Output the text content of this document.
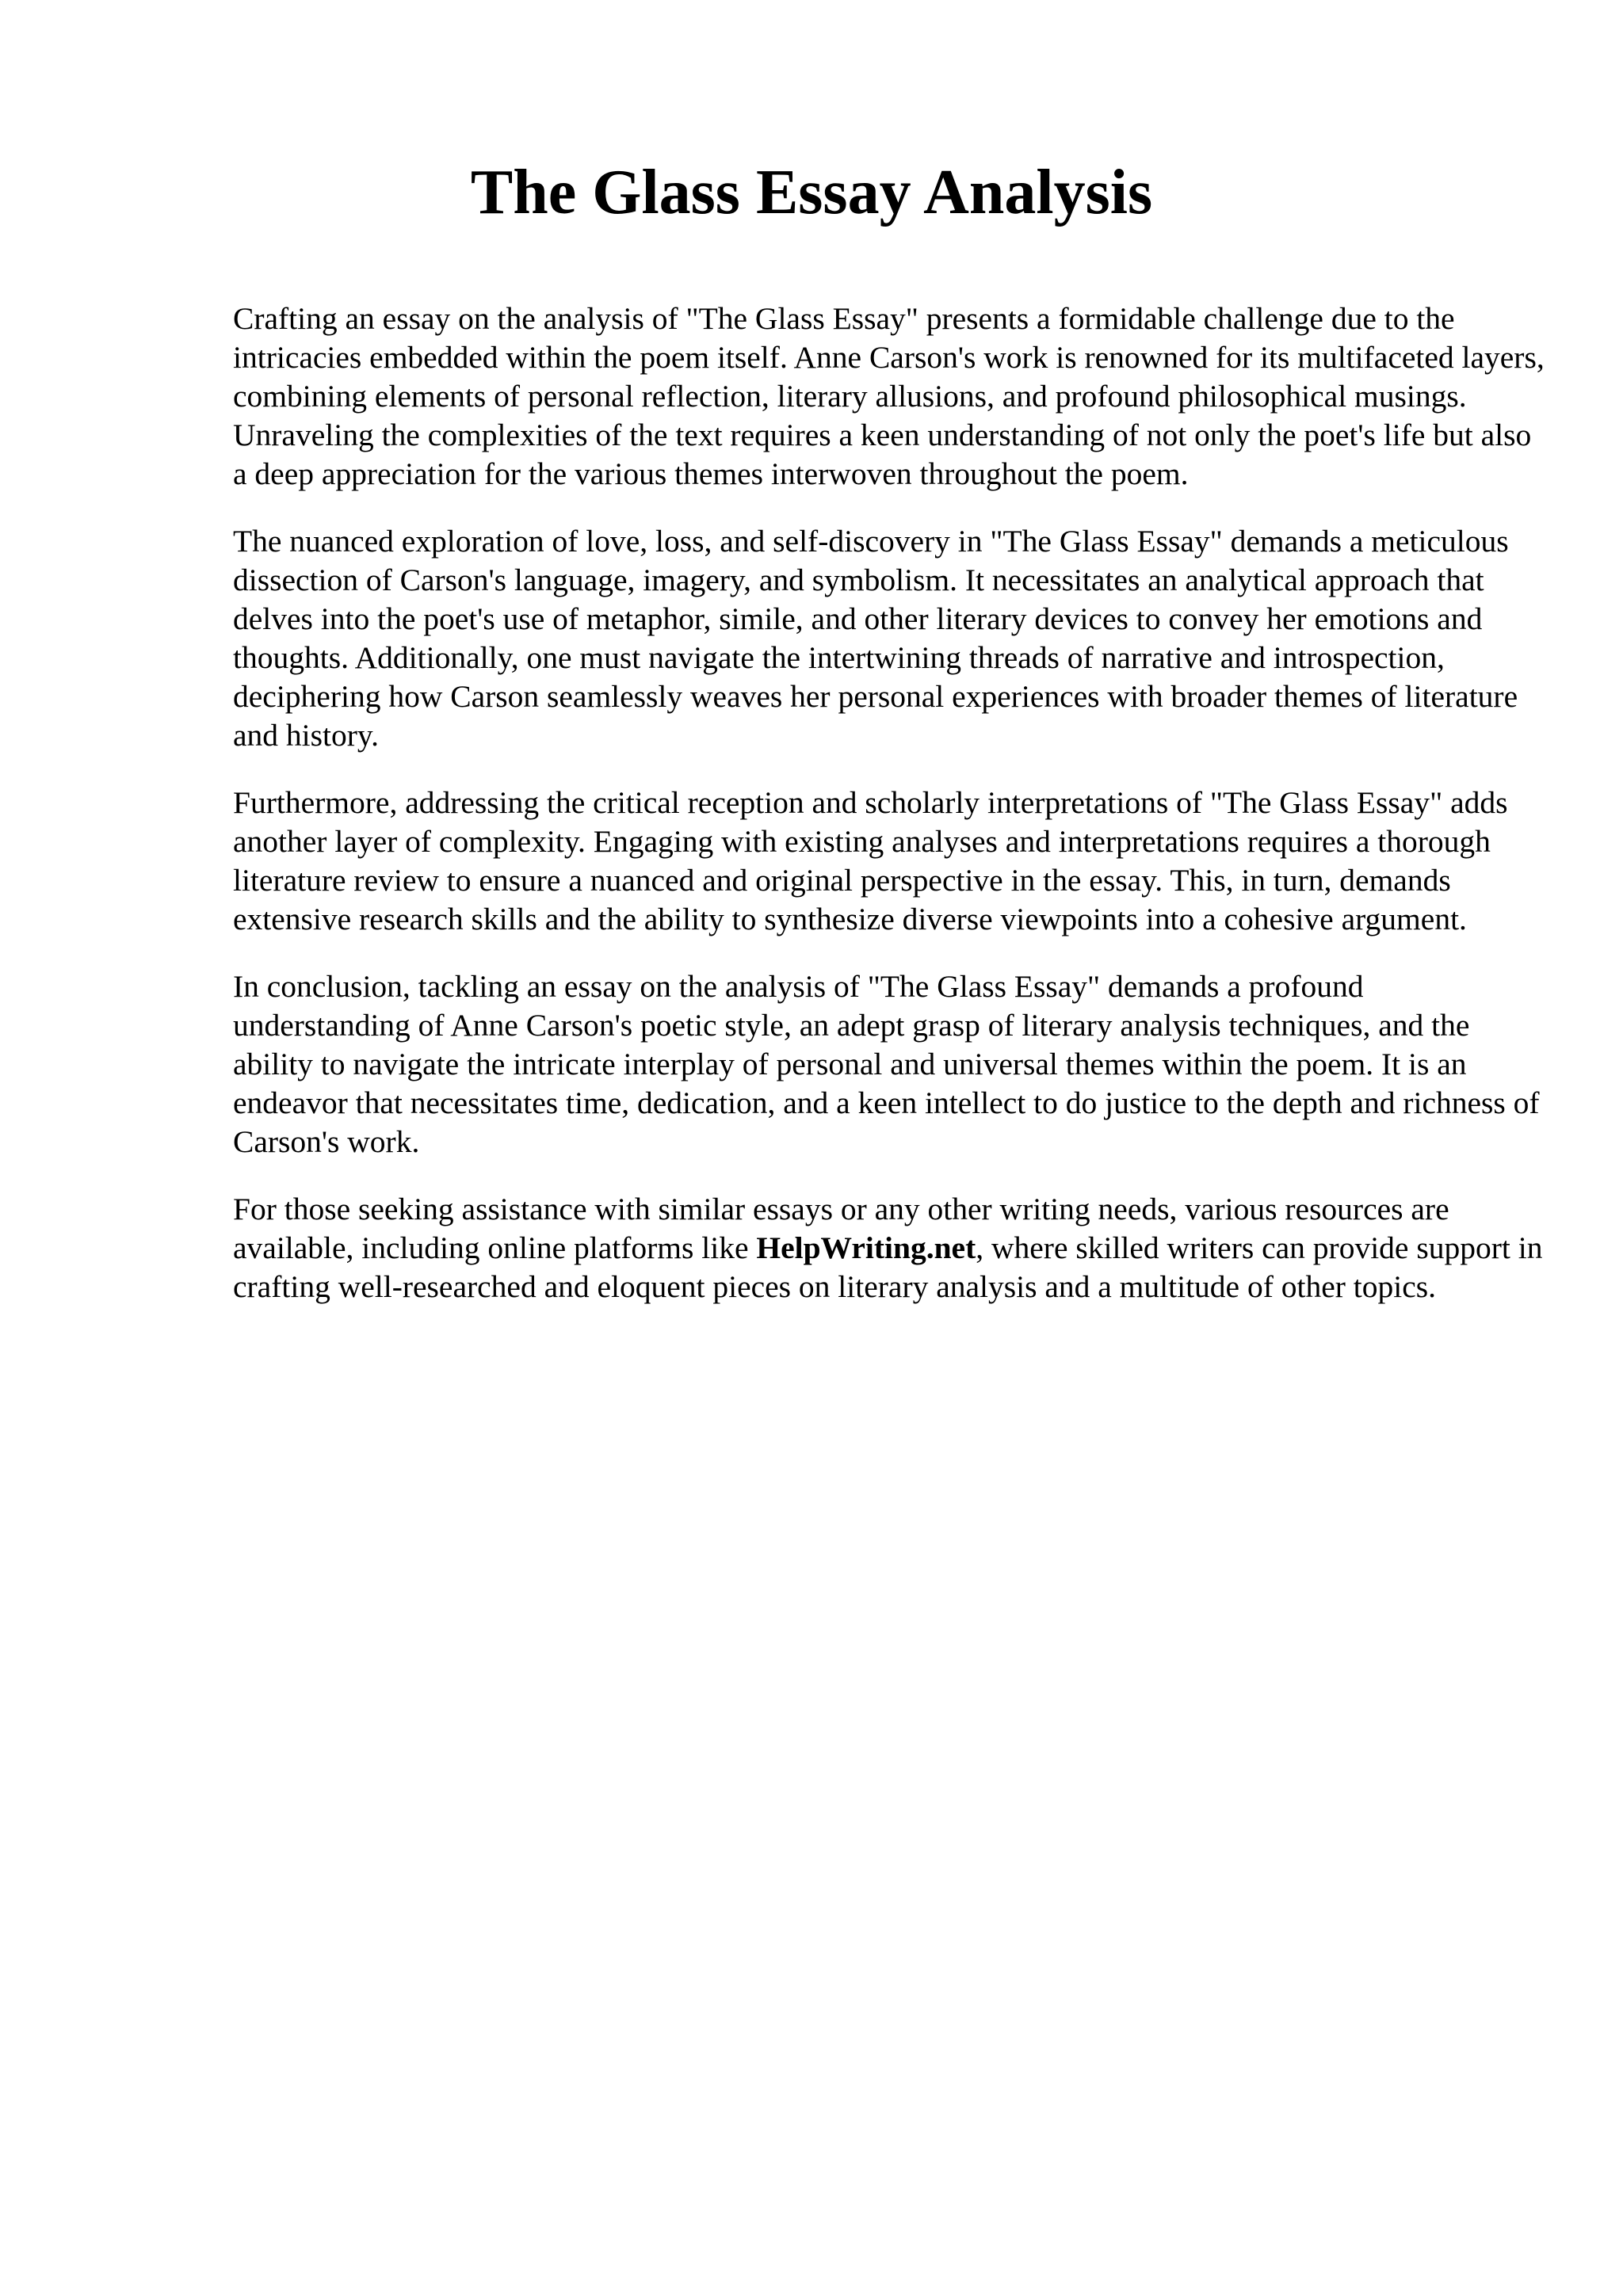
The Glass Essay Analysis

Crafting an essay on the analysis of "The Glass Essay" presents a formidable challenge due to the intricacies embedded within the poem itself. Anne Carson's work is renowned for its multifaceted layers, combining elements of personal reflection, literary allusions, and profound philosophical musings. Unraveling the complexities of the text requires a keen understanding of not only the poet's life but also a deep appreciation for the various themes interwoven throughout the poem.

The nuanced exploration of love, loss, and self-discovery in "The Glass Essay" demands a meticulous dissection of Carson's language, imagery, and symbolism. It necessitates an analytical approach that delves into the poet's use of metaphor, simile, and other literary devices to convey her emotions and thoughts. Additionally, one must navigate the intertwining threads of narrative and introspection, deciphering how Carson seamlessly weaves her personal experiences with broader themes of literature and history.

Furthermore, addressing the critical reception and scholarly interpretations of "The Glass Essay" adds another layer of complexity. Engaging with existing analyses and interpretations requires a thorough literature review to ensure a nuanced and original perspective in the essay. This, in turn, demands extensive research skills and the ability to synthesize diverse viewpoints into a cohesive argument.

In conclusion, tackling an essay on the analysis of "The Glass Essay" demands a profound understanding of Anne Carson's poetic style, an adept grasp of literary analysis techniques, and the ability to navigate the intricate interplay of personal and universal themes within the poem. It is an endeavor that necessitates time, dedication, and a keen intellect to do justice to the depth and richness of Carson's work.

For those seeking assistance with similar essays or any other writing needs, various resources are available, including online platforms like HelpWriting.net, where skilled writers can provide support in crafting well-researched and eloquent pieces on literary analysis and a multitude of other topics.
